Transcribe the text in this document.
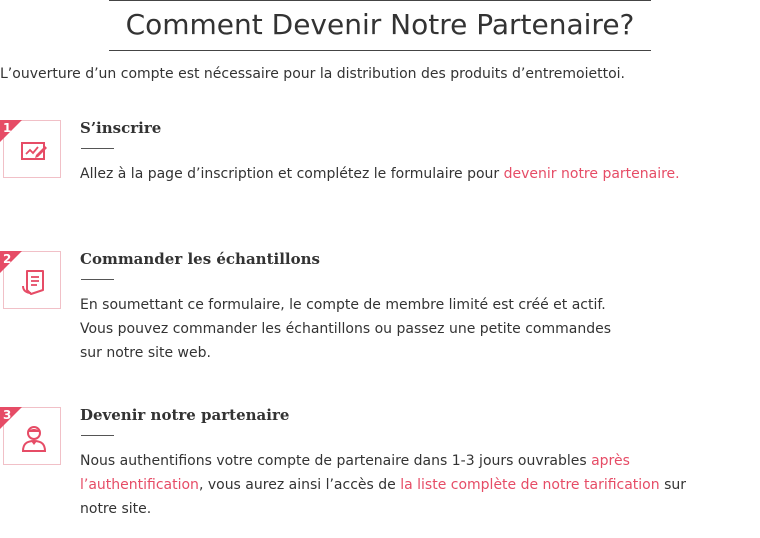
Comment Devenir Notre Partenaire?
L’ouverture d’un compte est nécessaire pour la distribution des produits d’entremoiettoi.
1	S’inscrire
Allez à la page d’inscription et complétez le formulaire pour devenir notre partenaire.
2	Commander les échantillons
En soumettant ce formulaire, le compte de membre limité est créé et actif.
Vous pouvez commander les échantillons ou passez une petite commandes
sur notre site web.
3	Devenir notre partenaire
Nous authentifions votre compte de partenaire dans 1-3 jours ouvrables après l’authentification, vous aurez ainsi l’accès de la liste complète de notre tarification sur notre site.
